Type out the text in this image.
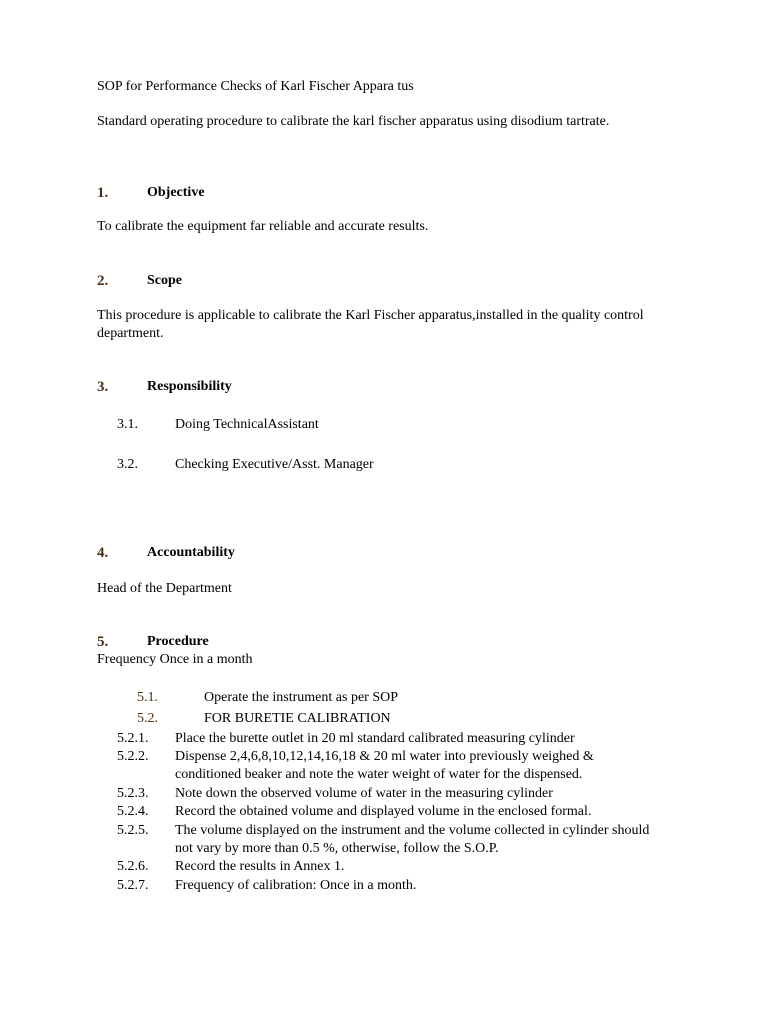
SOP for Performance Checks of Karl Fischer Appara tus
Standard operating procedure to calibrate the karl fischer apparatus using disodium tartrate.
1.	Objective
To calibrate the equipment far reliable and accurate results.
2.	Scope
This procedure is applicable to calibrate the Karl Fischer apparatus,installed in the quality control
department.
3.	Responsibility
3.1.	Doing TechnicalAssistant
3.2.	Checking Executive/Asst. Manager
4.	Accountability
Head of the Department
5.	Procedure
Frequency Once in a month
5.1.	Operate the instrument as per SOP
5.2.	FOR BURETIE CALIBRATION
5.2.1. Place the burette outlet in 20 ml standard calibrated measuring cylinder
5.2.2. Dispense 2,4,6,8,10,12,14,16,18 & 20 ml water into previously weighed &
conditioned beaker and note the water weight of water for the dispensed.
5.2.3. Note down the observed volume of water in the measuring cylinder
5.2.4. Record the obtained volume and displayed volume in the enclosed formal.
5.2.5. The volume displayed on the instrument and the volume collected in cylinder should
not vary by more than 0.5 %, otherwise, follow the S.O.P.
5.2.6. Record the results in Annex 1.
5.2.7. Frequency of calibration: Once in a month.
